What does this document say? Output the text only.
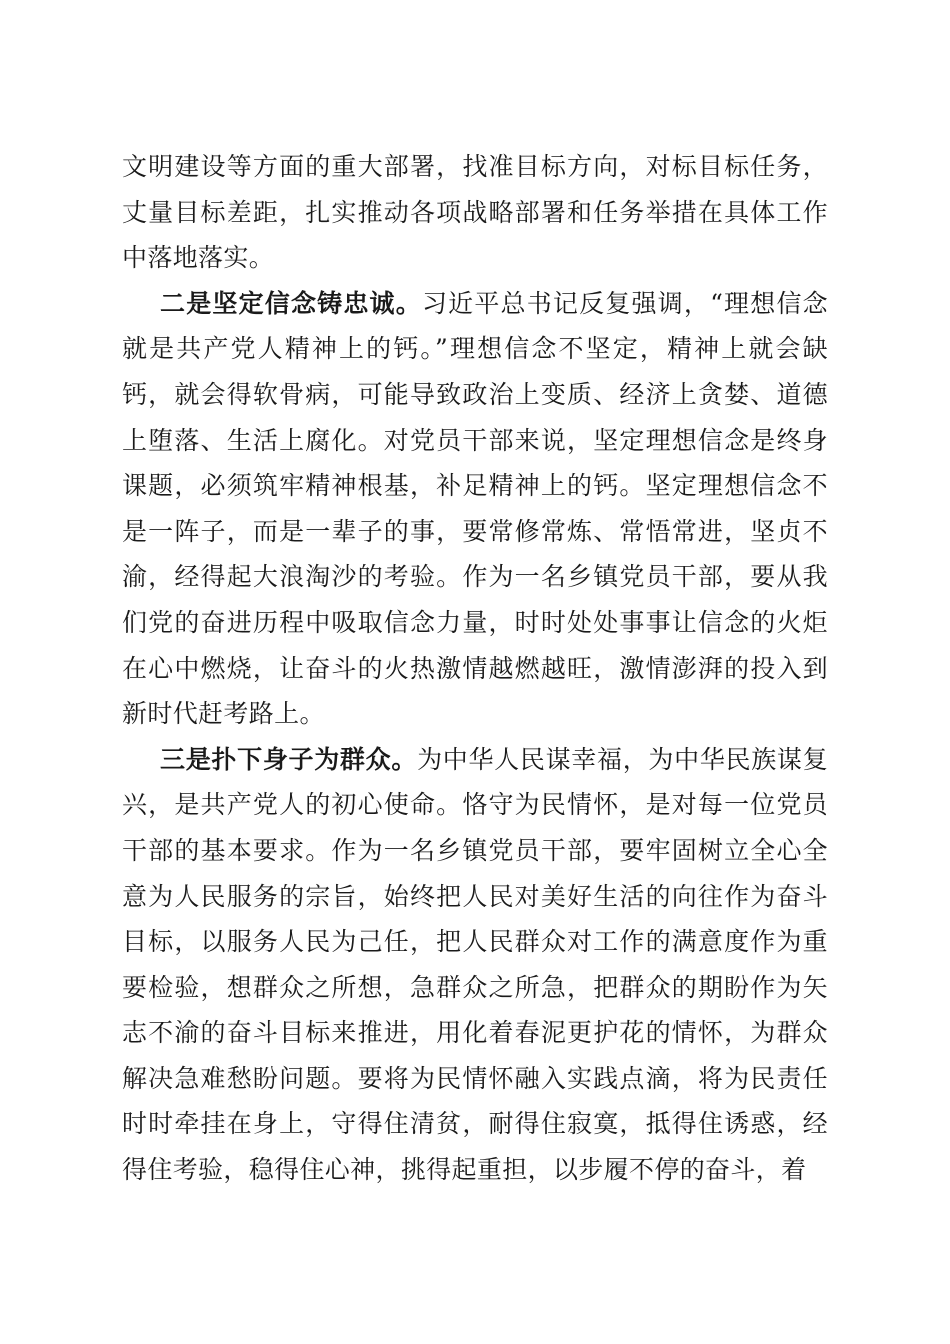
文明建设等方面的重大部署，找准目标方向，对标目标任务，丈量目标差距，扎实推动各项战略部署和任务举措在具体工作中落地落实。

二是坚定信念铸忠诚。习近平总书记反复强调，“理想信念就是共产党人精神上的钙。”理想信念不坚定，精神上就会缺钙，就会得软骨病，可能导致政治上变质、经济上贪婪、道德上堕落、生活上腐化。对党员干部来说，坚定理想信念是终身课题，必须筑牢精神根基，补足精神上的钙。坚定理想信念不是一阵子，而是一辈子的事，要常修常炼、常悟常进，坚贞不渝，经得起大浪淘沙的考验。作为一名乡镇党员干部，要从我们党的奋进历程中吸取信念力量，时时处处事事让信念的火炬在心中燃烧，让奋斗的火热激情越燃越旺，激情澎湃的投入到新时代赶考路上。

三是扑下身子为群众。为中华人民谋幸福，为中华民族谋复兴，是共产党人的初心使命。恪守为民情怀，是对每一位党员干部的基本要求。作为一名乡镇党员干部，要牢固树立全心全意为人民服务的宗旨，始终把人民对美好生活的向往作为奋斗目标，以服务人民为己任，把人民群众对工作的满意度作为重要检验，想群众之所想，急群众之所急，把群众的期盼作为矢志不渝的奋斗目标来推进，用化着春泥更护花的情怀，为群众解决急难愁盼问题。要将为民情怀融入实践点滴，将为民责任时时牵挂在身上，守得住清贫，耐得住寂寞，抵得住诱惑，经得住考验，稳得住心神，挑得起重担，以步履不停的奋斗，着
